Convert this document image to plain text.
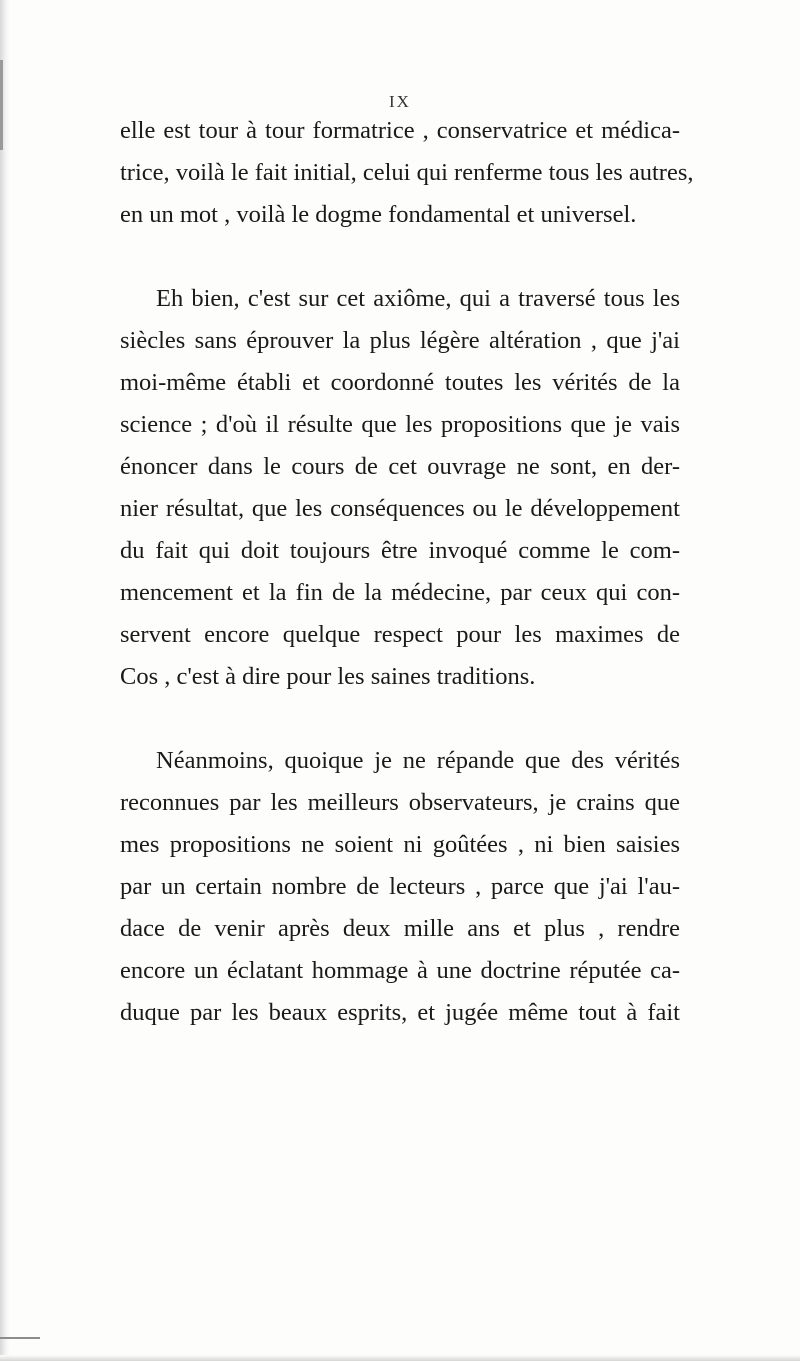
IX
elle est tour à tour formatrice , conservatrice et médica-
trice, voilà le fait initial, celui qui renferme tous les autres,
en un mot , voilà le dogme fondamental et universel.
Eh bien, c'est sur cet axiôme, qui a traversé tous les
siècles sans éprouver la plus légère altération , que j'ai
moi-même établi et coordonné toutes les vérités de la
science ; d'où il résulte que les propositions que je vais
énoncer dans le cours de cet ouvrage ne sont, en der-
nier résultat, que les conséquences ou le développement
du fait qui doit toujours être invoqué comme le com-
mencement et la fin de la médecine, par ceux qui con-
servent encore quelque respect pour les maximes de
Cos , c'est à dire pour les saines traditions.
Néanmoins, quoique je ne répande que des vérités
reconnues par les meilleurs observateurs, je crains que
mes propositions ne soient ni goûtées , ni bien saisies
par un certain nombre de lecteurs , parce que j'ai l'au-
dace de venir après deux mille ans et plus , rendre
encore un éclatant hommage à une doctrine réputée ca-
duque par les beaux esprits, et jugée même tout à fait
